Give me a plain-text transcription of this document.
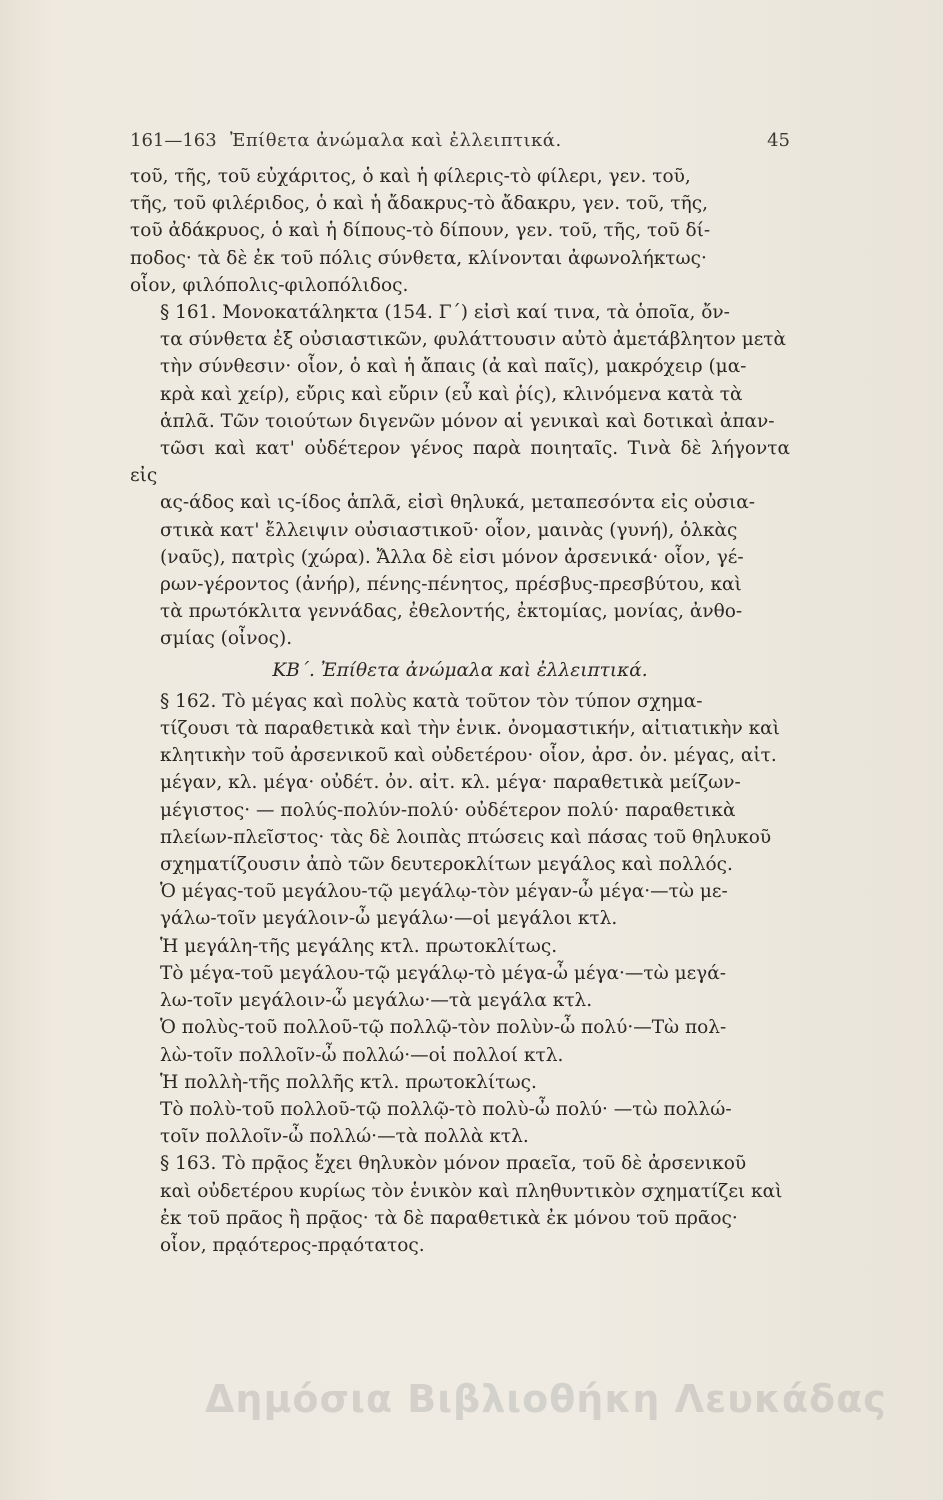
161—163 Ἐπίθετα ἀνώμαλα καὶ ἐλλειπτικά.	45

τοῦ, τῆς, τοῦ εὐχάριτος, ὁ καὶ ἡ φίλερις-τὸ φίλερι, γεν. τοῦ,
τῆς, τοῦ φιλέριδος, ὁ καὶ ἡ ἄδακρυς-τὸ ἄδακρυ, γεν. τοῦ, τῆς,
τοῦ ἀδάκρυος, ὁ καὶ ἡ δίπους-τὸ δίπουν, γεν. τοῦ, τῆς, τοῦ δί-
ποδος· τὰ δὲ ἐκ τοῦ πόλις σύνθετα, κλίνονται ἀφωνολήκτως·
οἷον, φιλόπολις-φιλοπόλιδος.

§ 161. Μονοκατάληκτα (154. Γ΄) εἰσὶ καί τινα, τὰ ὁποῖα, ὄν-
τα σύνθετα ἐξ οὐσιαστικῶν, φυλάττουσιν αὐτὸ ἀμετάβλητον μετὰ
τὴν σύνθεσιν· οἷον, ὁ καὶ ἡ ἄπαις (ἀ καὶ παῖς), μακρόχειρ (μα-
κρὰ καὶ χείρ), εὔρις καὶ εὔριν (εὖ καὶ ῥίς), κλινόμενα κατὰ τὰ
ἁπλᾶ. Τῶν τοιούτων διγενῶν μόνον αἱ γενικαὶ καὶ δοτικαὶ ἀπαν-
τῶσι καὶ κατ' οὐδέτερον γένος παρὰ ποιηταῖς. Τινὰ δὲ λήγοντα εἰς
ας-άδος καὶ ις-ίδος ἁπλᾶ, εἰσὶ θηλυκά, μεταπεσόντα εἰς οὐσια-
στικὰ κατ' ἔλλειψιν οὐσιαστικοῦ· οἷον, μαινὰς (γυνή), ὁλκὰς
(ναῦς), πατρὶς (χώρα). Ἄλλα δὲ εἰσι μόνον ἀρσενικά· οἷον, γέ-
ρων-γέροντος (ἀνήρ), πένης-πένητος, πρέσβυς-πρεσβύτου, καὶ
τὰ πρωτόκλιτα γεννάδας, ἐθελοντής, ἐκτομίας, μονίας, ἀνθο-
σμίας (οἶνος).

ΚΒ΄. Ἐπίθετα ἀνώμαλα καὶ ἐλλειπτικά.

§ 162. Τὸ μέγας καὶ πολὺς κατὰ τοῦτον τὸν τύπον σχημα-
τίζουσι τὰ παραθετικὰ καὶ τὴν ἑνικ. ὀνομαστικήν, αἰτιατικὴν καὶ
κλητικὴν τοῦ ἀρσενικοῦ καὶ οὐδετέρου· οἷον, ἀρσ. ὀν. μέγας, αἰτ.
μέγαν, κλ. μέγα· οὐδέτ. ὀν. αἰτ. κλ. μέγα· παραθετικὰ μείζων-
μέγιστος· — πολύς-πολύν-πολύ· οὐδέτερον πολύ· παραθετικὰ
πλείων-πλεῖστος· τὰς δὲ λοιπὰς πτώσεις καὶ πάσας τοῦ θηλυκοῦ
σχηματίζουσιν ἀπὸ τῶν δευτεροκλίτων μεγάλος καὶ πολλός.

Ὁ μέγας-τοῦ μεγάλου-τῷ μεγάλῳ-τὸν μέγαν-ὦ μέγα·—τὼ με-
γάλω-τοῖν μεγάλοιν-ὦ μεγάλω·—οἱ μεγάλοι κτλ.

Ἡ μεγάλη-τῆς μεγάλης κτλ. πρωτοκλίτως.

Τὸ μέγα-τοῦ μεγάλου-τῷ μεγάλῳ-τὸ μέγα-ὦ μέγα·—τὼ μεγά-
λω-τοῖν μεγάλοιν-ὦ μεγάλω·—τὰ μεγάλα κτλ.

Ὁ πολὺς-τοῦ πολλοῦ-τῷ πολλῷ-τὸν πολὺν-ὦ πολύ·—Τὼ πολ-
λὼ-τοῖν πολλοῖν-ὦ πολλώ·—οἱ πολλοί κτλ.

Ἡ πολλὴ-τῆς πολλῆς κτλ. πρωτοκλίτως.

Τὸ πολὺ-τοῦ πολλοῦ-τῷ πολλῷ-τὸ πολὺ-ὦ πολύ· —τὼ πολλώ-
τοῖν πολλοῖν-ὦ πολλώ·—τὰ πολλὰ κτλ.

§ 163. Τὸ πρᾷος ἔχει θηλυκὸν μόνον πραεῖα, τοῦ δὲ ἀρσενικοῦ
καὶ οὐδετέρου κυρίως τὸν ἑνικὸν καὶ πληθυντικὸν σχηματίζει καὶ
ἐκ τοῦ πρᾶος ἢ πρᾷος· τὰ δὲ παραθετικὰ ἐκ μόνου τοῦ πρᾶος·
οἷον, πρᾳότερος-πρᾳότατος.

Δημόσια Βιβλιοθήκη Λευκάδας
